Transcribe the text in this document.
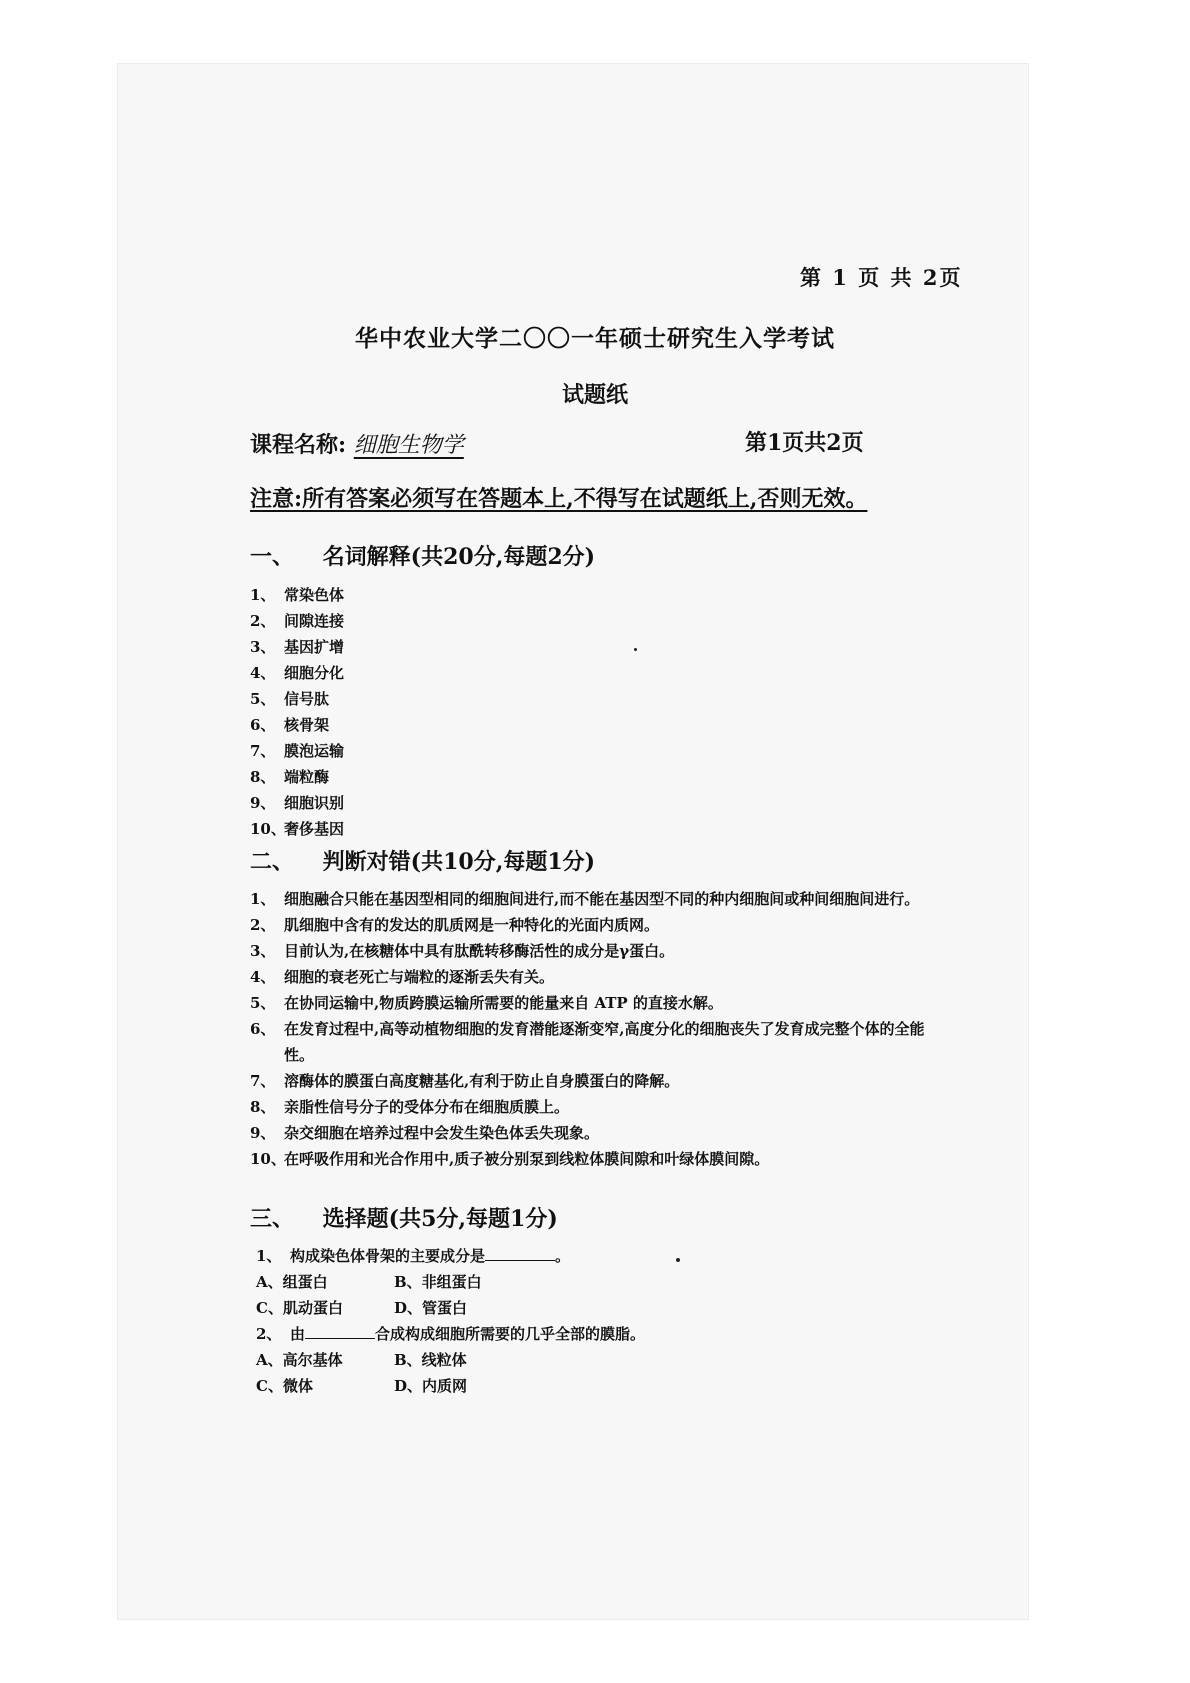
第 1 页 共 2页
华中农业大学二〇〇一年硕士研究生入学考试
试题纸
课程名称: 细胞生物学	第1页共2页
注意:所有答案必须写在答题本上,不得写在试题纸上,否则无效。
一、 名词解释(共20分,每题2分)
1、 常染色体
2、 间隙连接
3、 基因扩增
4、 细胞分化
5、 信号肽
6、 核骨架
7、 膜泡运输
8、 端粒酶
9、 细胞识别
10、奢侈基因
二、 判断对错(共10分,每题1分)
1、 细胞融合只能在基因型相同的细胞间进行,而不能在基因型不同的种内细胞间或种间细胞间进行。
2、 肌细胞中含有的发达的肌质网是一种特化的光面内质网。
3、 目前认为,在核糖体中具有肽酰转移酶活性的成分是γ蛋白。
4、 细胞的衰老死亡与端粒的逐渐丢失有关。
5、 在协同运输中,物质跨膜运输所需要的能量来自 ATP 的直接水解。
6、 在发育过程中,高等动植物细胞的发育潜能逐渐变窄,高度分化的细胞丧失了发育成完整个体的全能性。
7、 溶酶体的膜蛋白高度糖基化,有利于防止自身膜蛋白的降解。
8、 亲脂性信号分子的受体分布在细胞质膜上。
9、 杂交细胞在培养过程中会发生染色体丢失现象。
10、
在呼吸作用和光合作用中,质子被分别泵到线粒体膜间隙和叶绿体膜间隙。
三、 选择题(共5分,每题1分)
1、 构成染色体骨架的主要成分是	。
A、组蛋白	B、非组蛋白
C、肌动蛋白	D、管蛋白
2、 由	合成构成细胞所需要的几乎全部的膜脂。
A、高尔基体	B、线粒体
C、微体	D、内质网
